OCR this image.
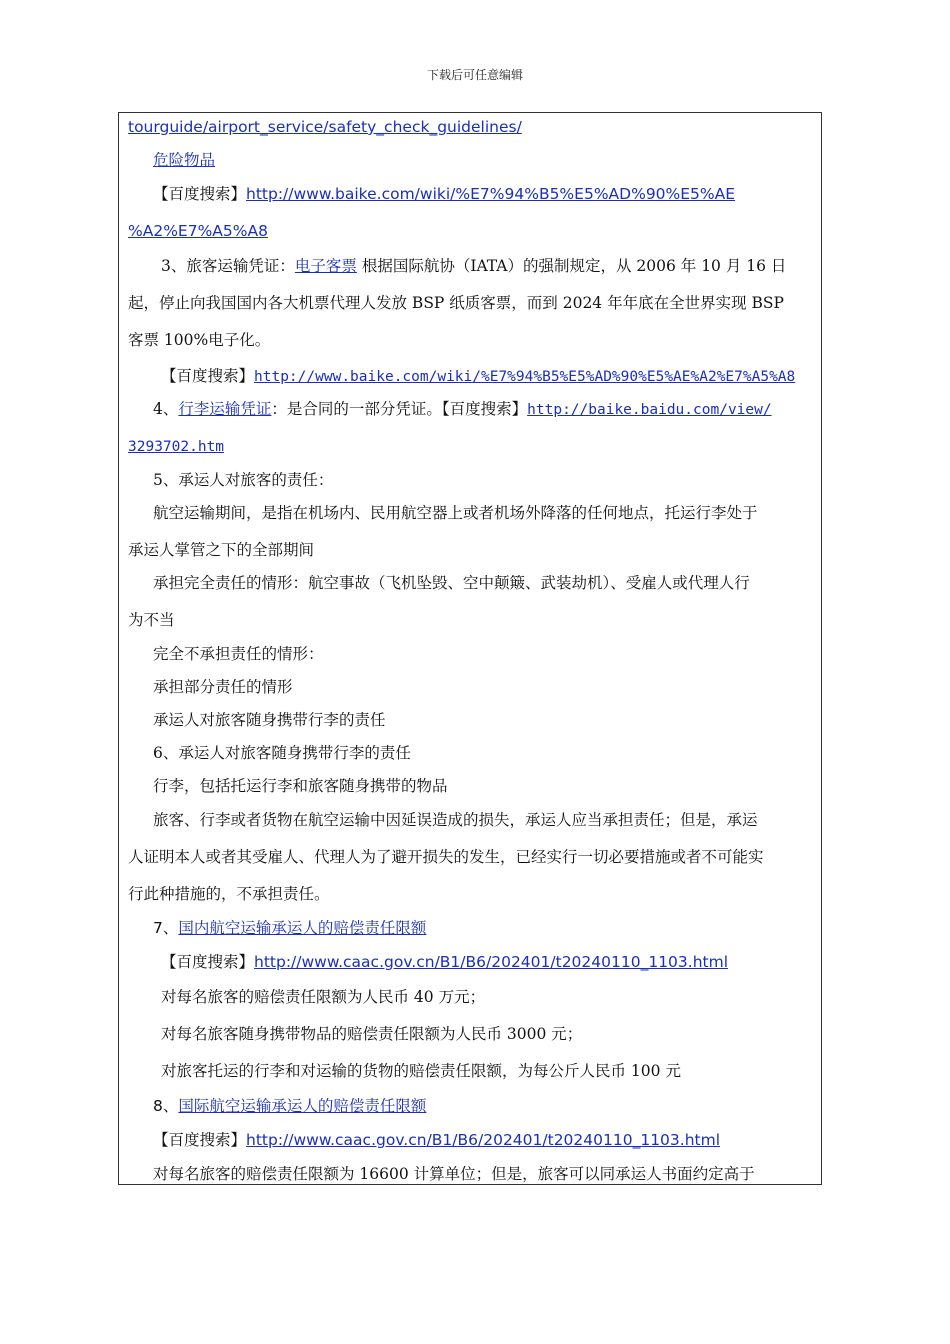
下载后可任意编辑
tourguide/airport_service/safety_check_guidelines/
危险物品
【百度搜索】http://www.baike.com/wiki/%E7%94%B5%E5%AD%90%E5%AE
%A2%E7%A5%A8
3、旅客运输凭证：电子客票 根据国际航协（IATA）的强制规定，从 2006 年 10 月 16 日
起，停止向我国国内各大机票代理人发放 BSP 纸质客票，而到 2024 年年底在全世界实现 BSP
客票 100%电子化。
【百度搜索】http://www.baike.com/wiki/%E7%94%B5%E5%AD%90%E5%AE%A2%E7%A5%A8
4、行李运输凭证：是合同的一部分凭证。【百度搜索】http://baike.baidu.com/view/
3293702.htm
5、承运人对旅客的责任：
航空运输期间，是指在机场内、民用航空器上或者机场外降落的任何地点，托运行李处于
承运人掌管之下的全部期间
承担完全责任的情形：航空事故（飞机坠毁、空中颠簸、武装劫机）、受雇人或代理人行
为不当
完全不承担责任的情形：
承担部分责任的情形
承运人对旅客随身携带行李的责任
6、承运人对旅客随身携带行李的责任
行李，包括托运行李和旅客随身携带的物品
旅客、行李或者货物在航空运输中因延误造成的损失，承运人应当承担责任；但是，承运
人证明本人或者其受雇人、代理人为了避开损失的发生，已经实行一切必要措施或者不可能实
行此种措施的，不承担责任。
7、国内航空运输承运人的赔偿责任限额
【百度搜索】http://www.caac.gov.cn/B1/B6/202401/t20240110_1103.html
对每名旅客的赔偿责任限额为人民币 40 万元；
对每名旅客随身携带物品的赔偿责任限额为人民币 3000 元；
对旅客托运的行李和对运输的货物的赔偿责任限额，为每公斤人民币 100 元
8、国际航空运输承运人的赔偿责任限额
【百度搜索】http://www.caac.gov.cn/B1/B6/202401/t20240110_1103.html
对每名旅客的赔偿责任限额为 16600 计算单位；但是，旅客可以同承运人书面约定高于
